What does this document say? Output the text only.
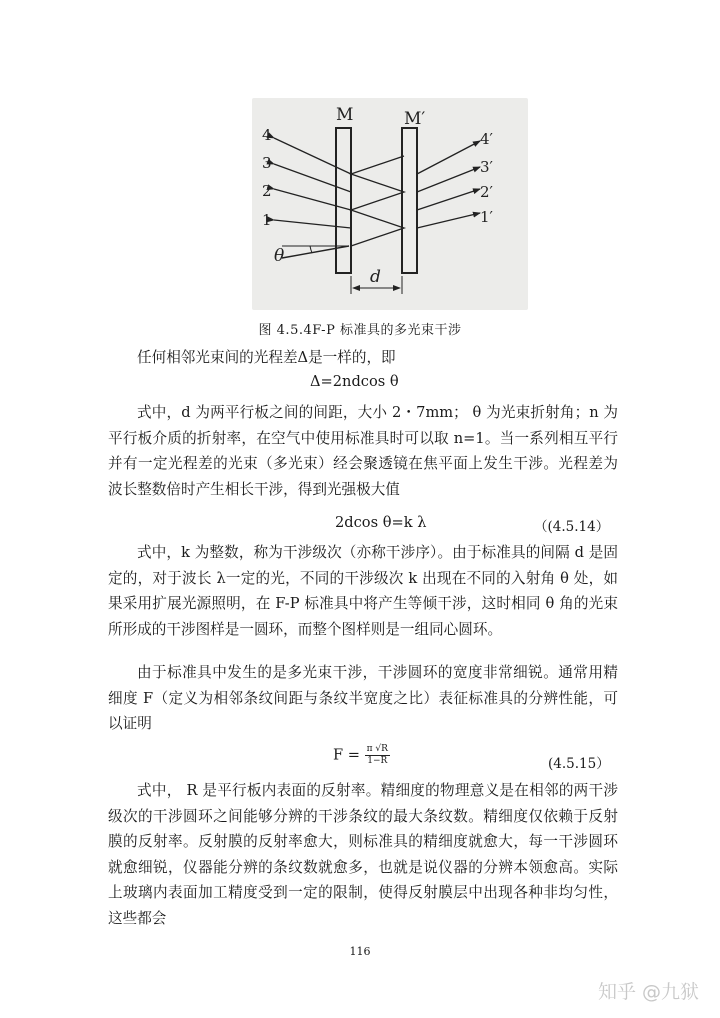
M	M′
4
3
2
1
4′
3′
2′
1′
θ
d
图 4.5.4F-P 标准具的多光束干涉

任何相邻光束间的光程差Δ是一样的，即

Δ=2ndcos θ

式中，d 为两平行板之间的间距，大小 2・7mm； θ 为光束折射角；n 为平行板介质的折射率，在空气中使用标准具时可以取 n=1。当一系列相互平行并有一定光程差的光束（多光束）经会聚透镜在焦平面上发生干涉。光程差为波长整数倍时产生相长干涉，得到光强极大值

2dcos θ=k λ	（(4.5.14）

式中，k 为整数，称为干涉级次（亦称干涉序）。由于标准具的间隔 d 是固定的，对于波长 λ一定的光，不同的干涉级次 k 出现在不同的入射角 θ 处，如果采用扩展光源照明，在 F-P 标准具中将产生等倾干涉，这时相同 θ 角的光束所形成的干涉图样是一圆环，而整个图样则是一组同心圆环。

由于标准具中发生的是多光束干涉，干涉圆环的宽度非常细锐。通常用精细度 F（定义为相邻条纹间距与条纹半宽度之比）表征标准具的分辨性能，可以证明

$F = \frac{\pi √R}{1-R}$	(4.5.15）

式中， R 是平行板内表面的反射率。精细度的物理意义是在相邻的两干涉级次的干涉圆环之间能够分辨的干涉条纹的最大条纹数。精细度仅依赖于反射膜的反射率。反射膜的反射率愈大，则标准具的精细度就愈大，每一干涉圆环就愈细锐，仪器能分辨的条纹数就愈多，也就是说仪器的分辨本领愈高。实际上玻璃内表面加工精度受到一定的限制，使得反射膜层中出现各种非均匀性，这些都会

116
知乎 @九狱
